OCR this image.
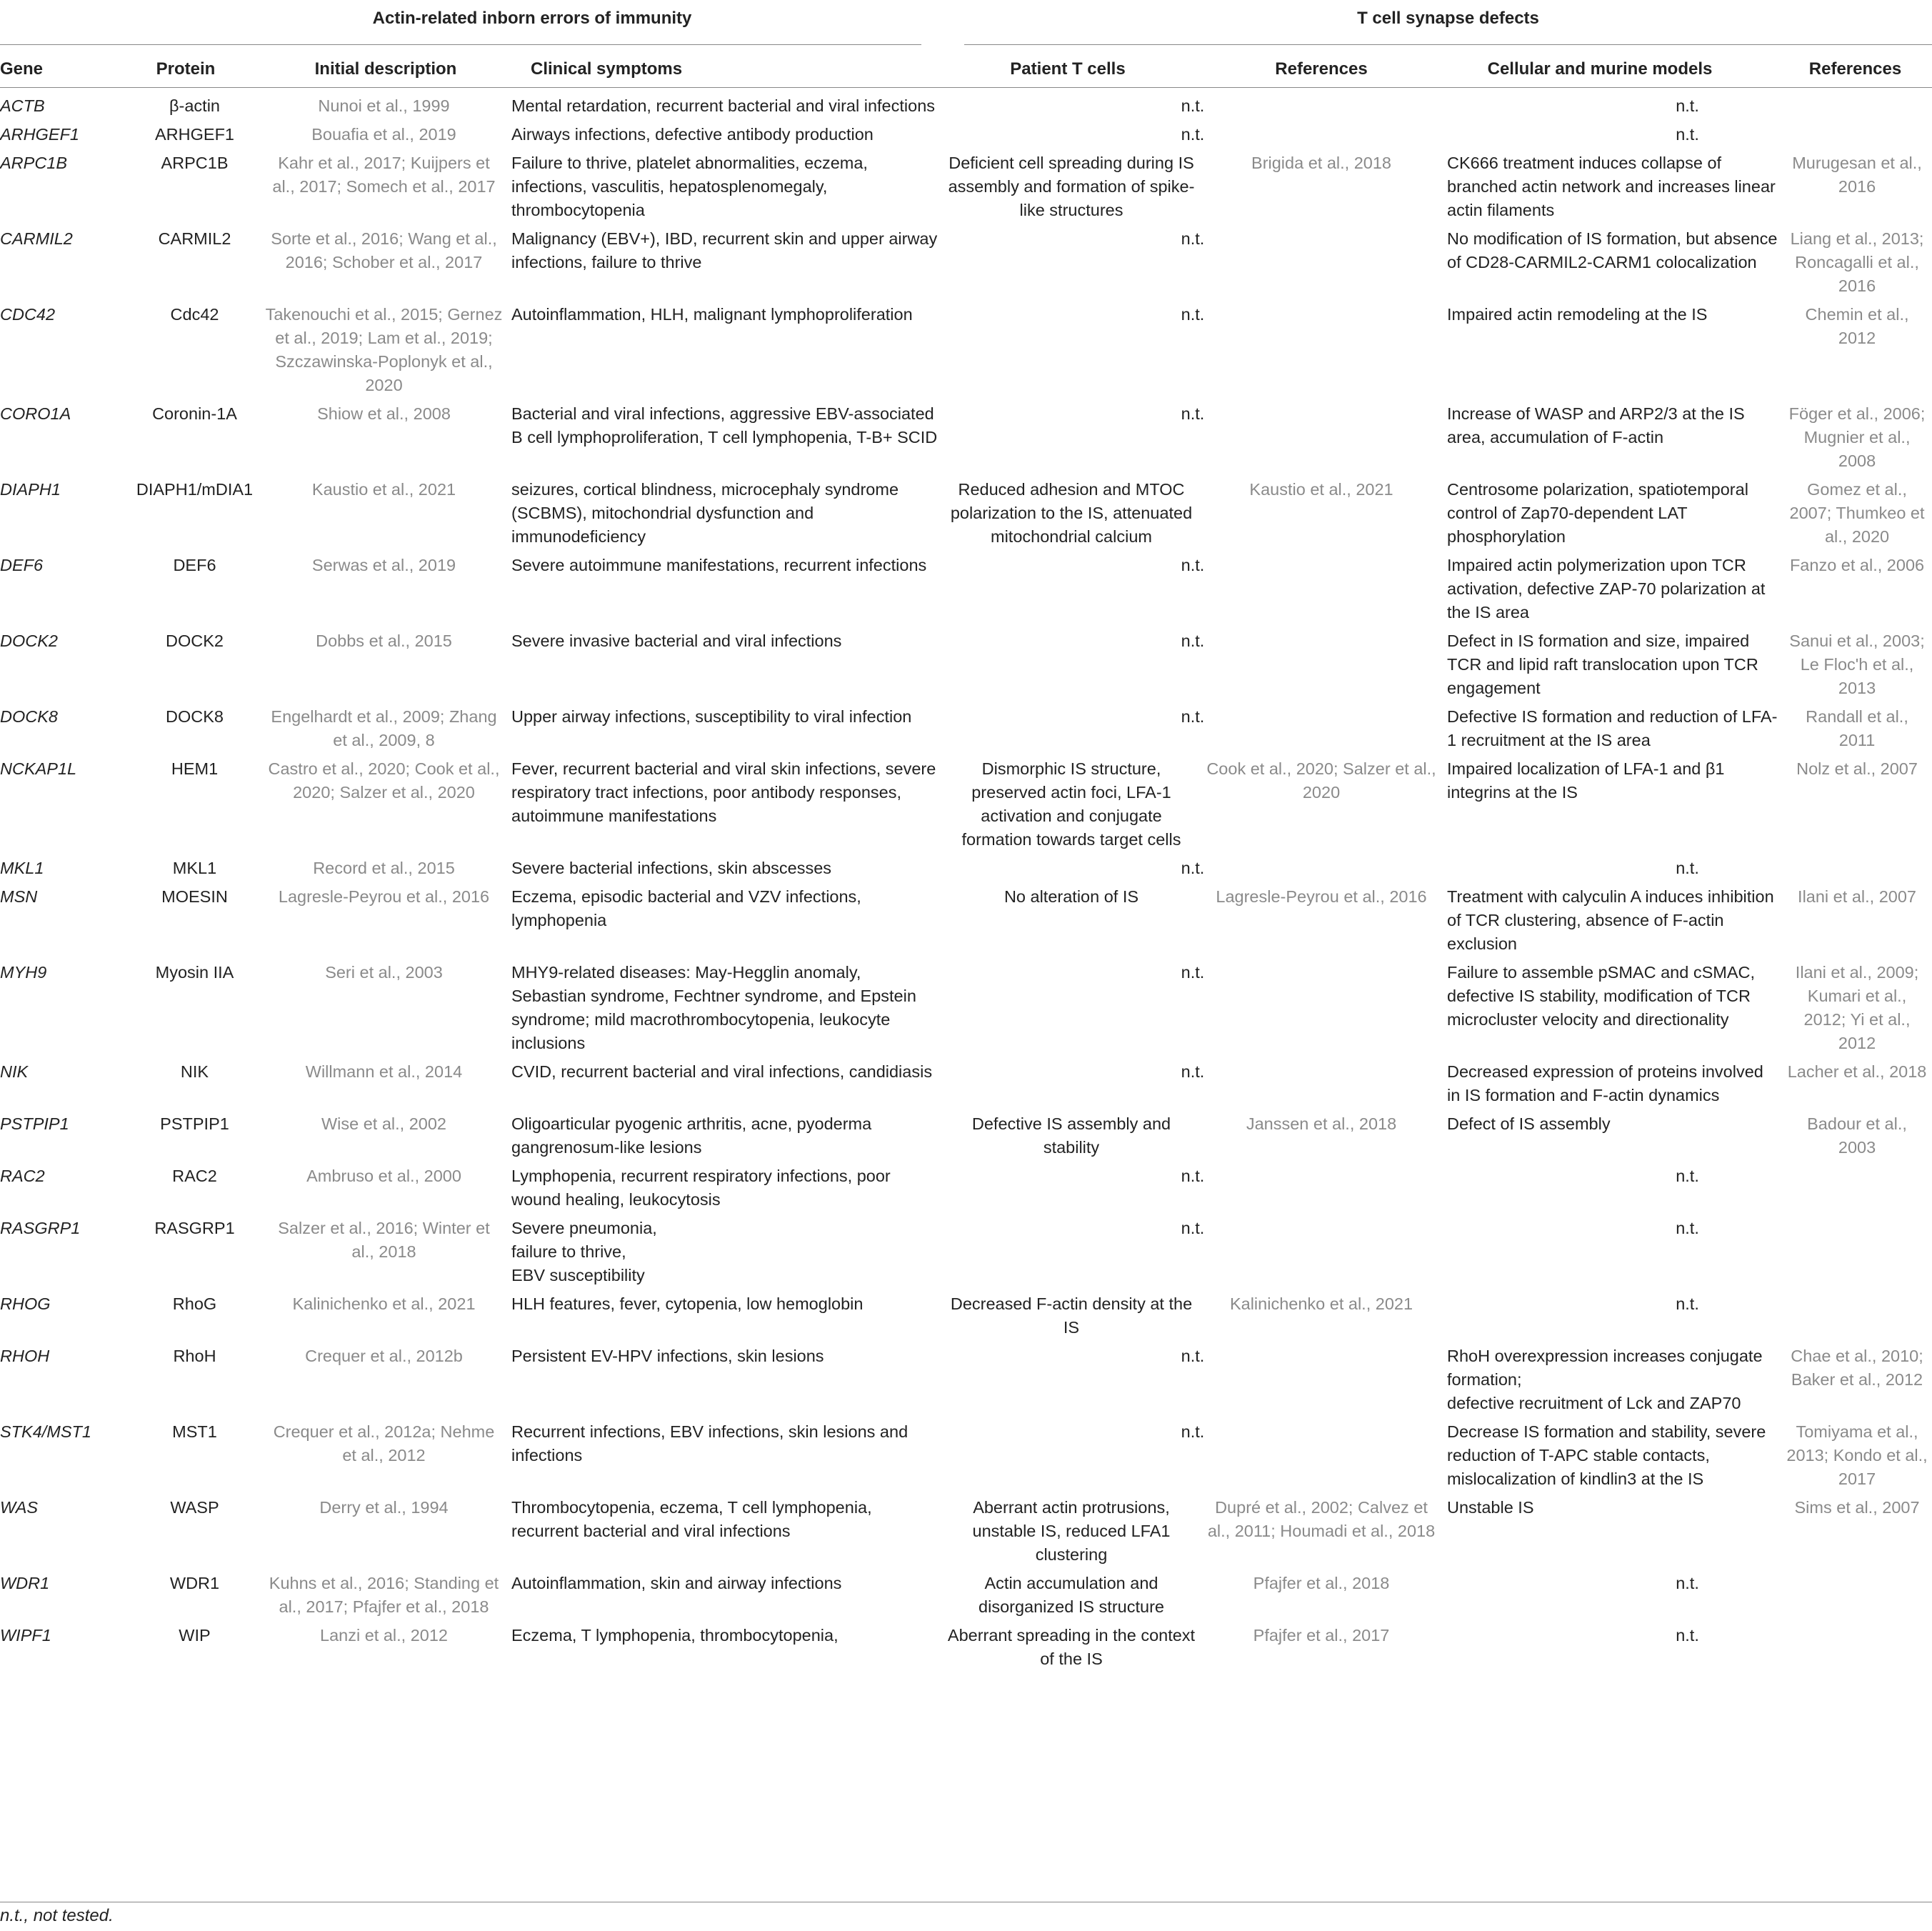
Actin-related inborn errors of immunity	T cell synapse defects
Gene	Protein	Initial description	Clinical symptoms	Patient T cells	References	Cellular and murine models	References
ACTB	β-actin	Nunoi et al., 1999	Mental retardation, recurrent bacterial and viral infections	n.t.		n.t.	
ARHGEF1	ARHGEF1	Bouafia et al., 2019	Airways infections, defective antibody production	n.t.		n.t.	
ARPC1B	ARPC1B	Kahr et al., 2017; Kuijpers et al., 2017; Somech et al., 2017	Failure to thrive, platelet abnormalities, eczema, infections, vasculitis, hepatosplenomegaly, thrombocytopenia	Deficient cell spreading during IS assembly and formation of spike-like structures	Brigida et al., 2018	CK666 treatment induces collapse of branched actin network and increases linear actin filaments	Murugesan et al., 2016
CARMIL2	CARMIL2	Sorte et al., 2016; Wang et al., 2016; Schober et al., 2017	Malignancy (EBV+), IBD, recurrent skin and upper airway infections, failure to thrive	n.t.		No modification of IS formation, but absence of CD28-CARMIL2-CARM1 colocalization	Liang et al., 2013; Roncagalli et al., 2016
CDC42	Cdc42	Takenouchi et al., 2015; Gernez et al., 2019; Lam et al., 2019; Szczawinska-Poplonyk et al., 2020	Autoinflammation, HLH, malignant lymphoproliferation	n.t.		Impaired actin remodeling at the IS	Chemin et al., 2012
CORO1A	Coronin-1A	Shiow et al., 2008	Bacterial and viral infections, aggressive EBV-associated B cell lymphoproliferation, T cell lymphopenia, T-B+ SCID	n.t.		Increase of WASP and ARP2/3 at the IS area, accumulation of F-actin	Föger et al., 2006; Mugnier et al., 2008
DIAPH1	DIAPH1/mDIA1	Kaustio et al., 2021	seizures, cortical blindness, microcephaly syndrome (SCBMS), mitochondrial dysfunction and immunodeficiency	Reduced adhesion and MTOC polarization to the IS, attenuated mitochondrial calcium	Kaustio et al., 2021	Centrosome polarization, spatiotemporal control of Zap70-dependent LAT phosphorylation	Gomez et al., 2007; Thumkeo et al., 2020
DEF6	DEF6	Serwas et al., 2019	Severe autoimmune manifestations, recurrent infections	n.t.		Impaired actin polymerization upon TCR activation, defective ZAP-70 polarization at the IS area	Fanzo et al., 2006
DOCK2	DOCK2	Dobbs et al., 2015	Severe invasive bacterial and viral infections	n.t.		Defect in IS formation and size, impaired TCR and lipid raft translocation upon TCR engagement	Sanui et al., 2003; Le Floc'h et al., 2013
DOCK8	DOCK8	Engelhardt et al., 2009; Zhang et al., 2009, 8	Upper airway infections, susceptibility to viral infection	n.t.		Defective IS formation and reduction of LFA-1 recruitment at the IS area	Randall et al., 2011
NCKAP1L	HEM1	Castro et al., 2020; Cook et al., 2020; Salzer et al., 2020	Fever, recurrent bacterial and viral skin infections, severe respiratory tract infections, poor antibody responses, autoimmune manifestations	Dismorphic IS structure, preserved actin foci, LFA-1 activation and conjugate formation towards target cells	Cook et al., 2020; Salzer et al., 2020	Impaired localization of LFA-1 and β1 integrins at the IS	Nolz et al., 2007
MKL1	MKL1	Record et al., 2015	Severe bacterial infections, skin abscesses	n.t.		n.t.	
MSN	MOESIN	Lagresle-Peyrou et al., 2016	Eczema, episodic bacterial and VZV infections, lymphopenia	No alteration of IS	Lagresle-Peyrou et al., 2016	Treatment with calyculin A induces inhibition of TCR clustering, absence of F-actin exclusion	Ilani et al., 2007
MYH9	Myosin IIA	Seri et al., 2003	MHY9-related diseases: May-Hegglin anomaly, Sebastian syndrome, Fechtner syndrome, and Epstein syndrome; mild macrothrombocytopenia, leukocyte inclusions	n.t.		Failure to assemble pSMAC and cSMAC, defective IS stability, modification of TCR microcluster velocity and directionality	Ilani et al., 2009; Kumari et al., 2012; Yi et al., 2012
NIK	NIK	Willmann et al., 2014	CVID, recurrent bacterial and viral infections, candidiasis	n.t.		Decreased expression of proteins involved in IS formation and F-actin dynamics	Lacher et al., 2018
PSTPIP1	PSTPIP1	Wise et al., 2002	Oligoarticular pyogenic arthritis, acne, pyoderma gangrenosum-like lesions	Defective IS assembly and stability	Janssen et al., 2018	Defect of IS assembly	Badour et al., 2003
RAC2	RAC2	Ambruso et al., 2000	Lymphopenia, recurrent respiratory infections, poor wound healing, leukocytosis	n.t.		n.t.	
RASGRP1	RASGRP1	Salzer et al., 2016; Winter et al., 2018	Severe pneumonia,
failure to thrive,
EBV susceptibility	n.t.		n.t.	
RHOG	RhoG	Kalinichenko et al., 2021	HLH features, fever, cytopenia, low hemoglobin	Decreased F-actin density at the IS	Kalinichenko et al., 2021	n.t.	
RHOH	RhoH	Crequer et al., 2012b	Persistent EV-HPV infections, skin lesions	n.t.		RhoH overexpression increases conjugate formation;
defective recruitment of Lck and ZAP70	Chae et al., 2010; Baker et al., 2012
STK4/MST1	MST1	Crequer et al., 2012a; Nehme et al., 2012	Recurrent infections, EBV infections, skin lesions and infections	n.t.		Decrease IS formation and stability, severe reduction of T-APC stable contacts, mislocalization of kindlin3 at the IS	Tomiyama et al., 2013; Kondo et al., 2017
WAS	WASP	Derry et al., 1994	Thrombocytopenia, eczema, T cell lymphopenia, recurrent bacterial and viral infections	Aberrant actin protrusions, unstable IS, reduced LFA1 clustering	Dupré et al., 2002; Calvez et al., 2011; Houmadi et al., 2018	Unstable IS	Sims et al., 2007
WDR1	WDR1	Kuhns et al., 2016; Standing et al., 2017; Pfajfer et al., 2018	Autoinflammation, skin and airway infections	Actin accumulation and disorganized IS structure	Pfajfer et al., 2018	n.t.	
WIPF1	WIP	Lanzi et al., 2012	Eczema, T lymphopenia, thrombocytopenia,	Aberrant spreading in the context of the IS	Pfajfer et al., 2017	n.t.	
n.t., not tested.
